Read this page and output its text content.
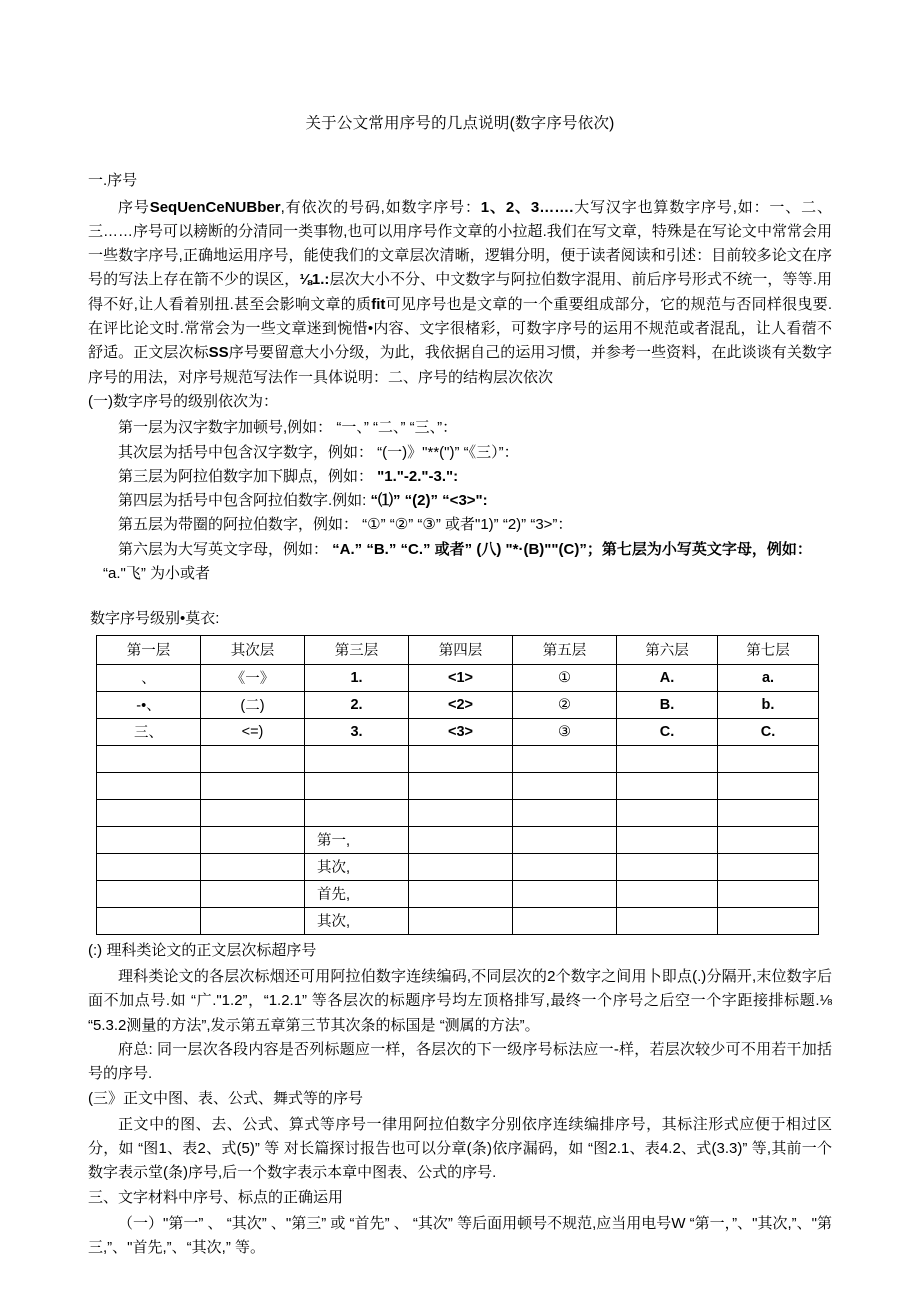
关于公文常用序号的几点说明(数字序号依次)
一.序号

序号SeqUenCeNUBber,有依次的号码,如数字序号：1、2、3…….大写汉字也算数字序号,如：一、二、三……序号可以耪断的分清同一类事物,也可以用序号作文章的小拉超.我们在写文章，特殊是在写论文中常常会用一些数字序号,正确地运用序号，能使我们的文章层次清晰，逻辑分明，便于读者阅读和引述：目前较多论文在序号的写法上存在箭不少的误区，⅛1.:层次大小不分、中文数字与阿拉伯数字混用、前后序号形式不统一，等等.用得不好,让人看着别扭.甚至会影响文章的质fit可见序号也是文章的一个重要组成部分，它的规范与否同样很曳要.在评比论文时.常常会为一些文章迷到惋惜•内容、文字很楮彩，可数字序号的运用不规范或者混乱，让人看蓿不舒适。正文层次标SS序号要留意大小分级，为此，我依据自己的运用习惯，并参考一些资料，在此谈谈有关数字序号的用法，对序号规范写法作一具体说明：二、序号的结构层次依次

(一)数字序号的级别依次为：
第一层为汉字数字加顿号,例如： “一、” “二、” “三、”：
其次层为括号中包含汉字数字，例如： “(一)》"**(")” “《三）”：
第三层为阿拉伯数字加下脚点，例如： "1."-2."-3.":
第四层为括号中包含阿拉伯数字.例如: “⑴” “(2)” “<3>":
第五层为带圈的阿拉伯数字，例如： “①” “②” “③” 或者"1)” “2)” “3>”：
第六层为大写英文字母，例如： “A.” “B.” “C.” 或者” (八) "*·(B)""(C)”；第七层为小写英文字母，例如：
“a."飞” 为小或者
数字序号级别•莫衣:
第一层	其次层	第三层	第四层	第五层	第六层	第七层
、	《一》	1.	<1>	①	A.	a.
-•、	(二)	2.	<2>	②	B.	b.
三、	<=)	3.	<3>	③	C.	C.

		第一,				
		其次,				
		首先,				
		其次,				
(:) 理科类论文的正文层次标超序号

理科类论文的各层次标烟还可用阿拉伯数字连续编码,不同层次的2个数字之间用卜即点(.)分隔开,末位数字后面不加点号.如 “广."1.2”，“1.2.1” 等各层次的标题序号均左顶格排写,最终一个序号之后空一个字距接排标题.⅛ “5.3.2测量的方法”,发示第五章第三节其次条的标国是 “测属的方法”。

府总: 同一层次各段内容是否列标题应一样，各层次的下一级序号标法应一-样，若层次较少可不用若干加括号的序号.

(三》正文中图、表、公式、舞式等的序号

正文中的图、去、公式、算式等序号一律用阿拉伯数字分别依序连续编排序号，其标注形式应便于相过区分，如 “图1、表2、式(5)” 等 对长篇探讨报告也可以分章(条)依序漏码，如 “图2.1、表4.2、式(3.3)” 等,其前一个数字表示堂(条)序号,后一个数字表示本章中图表、公式的序号.

三、文字材料中序号、标点的正确运用

（一）"第一” 、 “其次” 、"第三” 或 “首先” 、 “其次” 等后面用顿号不规范,应当用电号W “第一，”、"其次,”、"第三,”、"首先,”、“其次,” 等。
